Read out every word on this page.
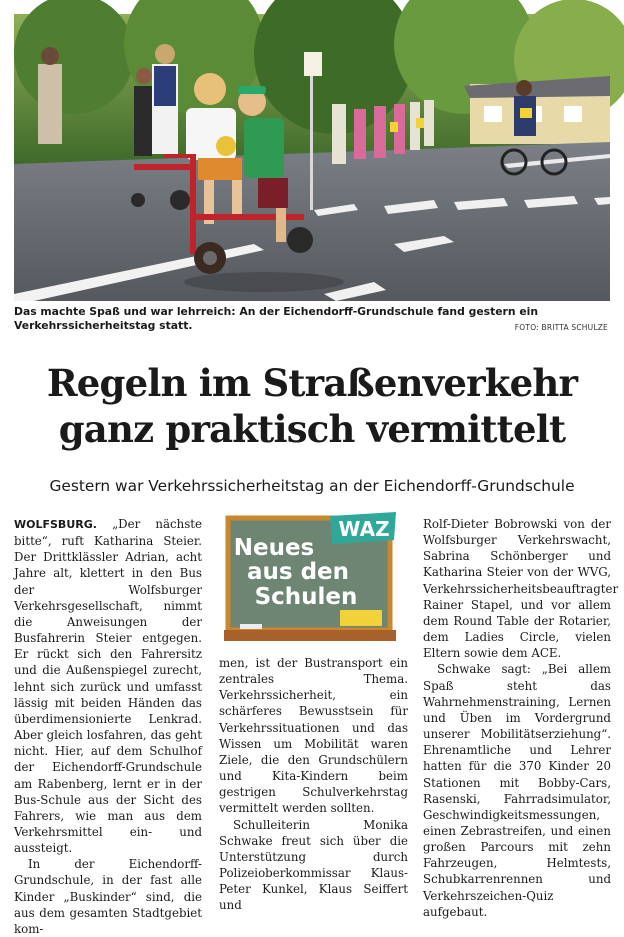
Das machte Spaß und war lehrreich: An der Eichendorff-Grundschule fand gestern ein Verkehrssicherheitstag statt.	FOTO: BRITTA SCHULZE
Regeln im Straßenverkehr
ganz praktisch vermittelt
Gestern war Verkehrssicherheitstag an der Eichendorff-Grundschule

WOLFSBURG. „Der nächste bitte“, ruft Katharina Steier. Der Drittklässler Adrian, acht Jahre alt, klettert in den Bus der Wolfsburger Verkehrsgesellschaft, nimmt die Anweisungen der Busfahrerin Steier entgegen. Er rückt sich den Fahrersitz und die Außenspiegel zurecht, lehnt sich zurück und umfasst lässig mit beiden Händen das überdimensionierte Lenkrad. Aber gleich losfahren, das geht nicht. Hier, auf dem Schulhof der Eichendorff-Grundschule am Rabenberg, lernt er in der Bus-Schule aus der Sicht des Fahrers, wie man aus dem Verkehrsmittel ein- und aussteigt.

In der Eichendorff-Grundschule, in der fast alle Kinder „Buskinder“ sind, die aus dem gesamten Stadtgebiet kom-

WAZ
Neues
aus den
Schulen

men, ist der Bustransport ein zentrales Thema. Verkehrssicherheit, ein schärferes Bewusstsein für Verkehrssituationen und das Wissen um Mobilität waren Ziele, die den Grundschülern und Kita-Kindern beim gestrigen Schulverkehrstag vermittelt werden sollten.

Schulleiterin Monika Schwake freut sich über die Unterstützung durch Polizeioberkommissar Klaus-Peter Kunkel, Klaus Seiffert und

Rolf-Dieter Bobrowski von der Wolfsburger Verkehrswacht, Sabrina Schönberger und Katharina Steier von der WVG, Verkehrssicherheitsbeauftragter Rainer Stapel, und vor allem dem Round Table der Rotarier, dem Ladies Circle, vielen Eltern sowie dem ACE.

Schwake sagt: „Bei allem Spaß steht das Wahrnehmenstraining, Lernen und Üben im Vordergrund unserer Mobilitätserziehung“. Ehrenamtliche und Lehrer hatten für die 370 Kinder 20 Stationen mit Bobby-Cars, Rasenski, Fahrradsimulator, Geschwindigkeitsmessungen, einen Zebrastreifen, und einen großen Parcours mit zehn Fahrzeugen, Helmtests, Schubkarrenrennen und Verkehrszeichen-Quiz aufgebaut.
